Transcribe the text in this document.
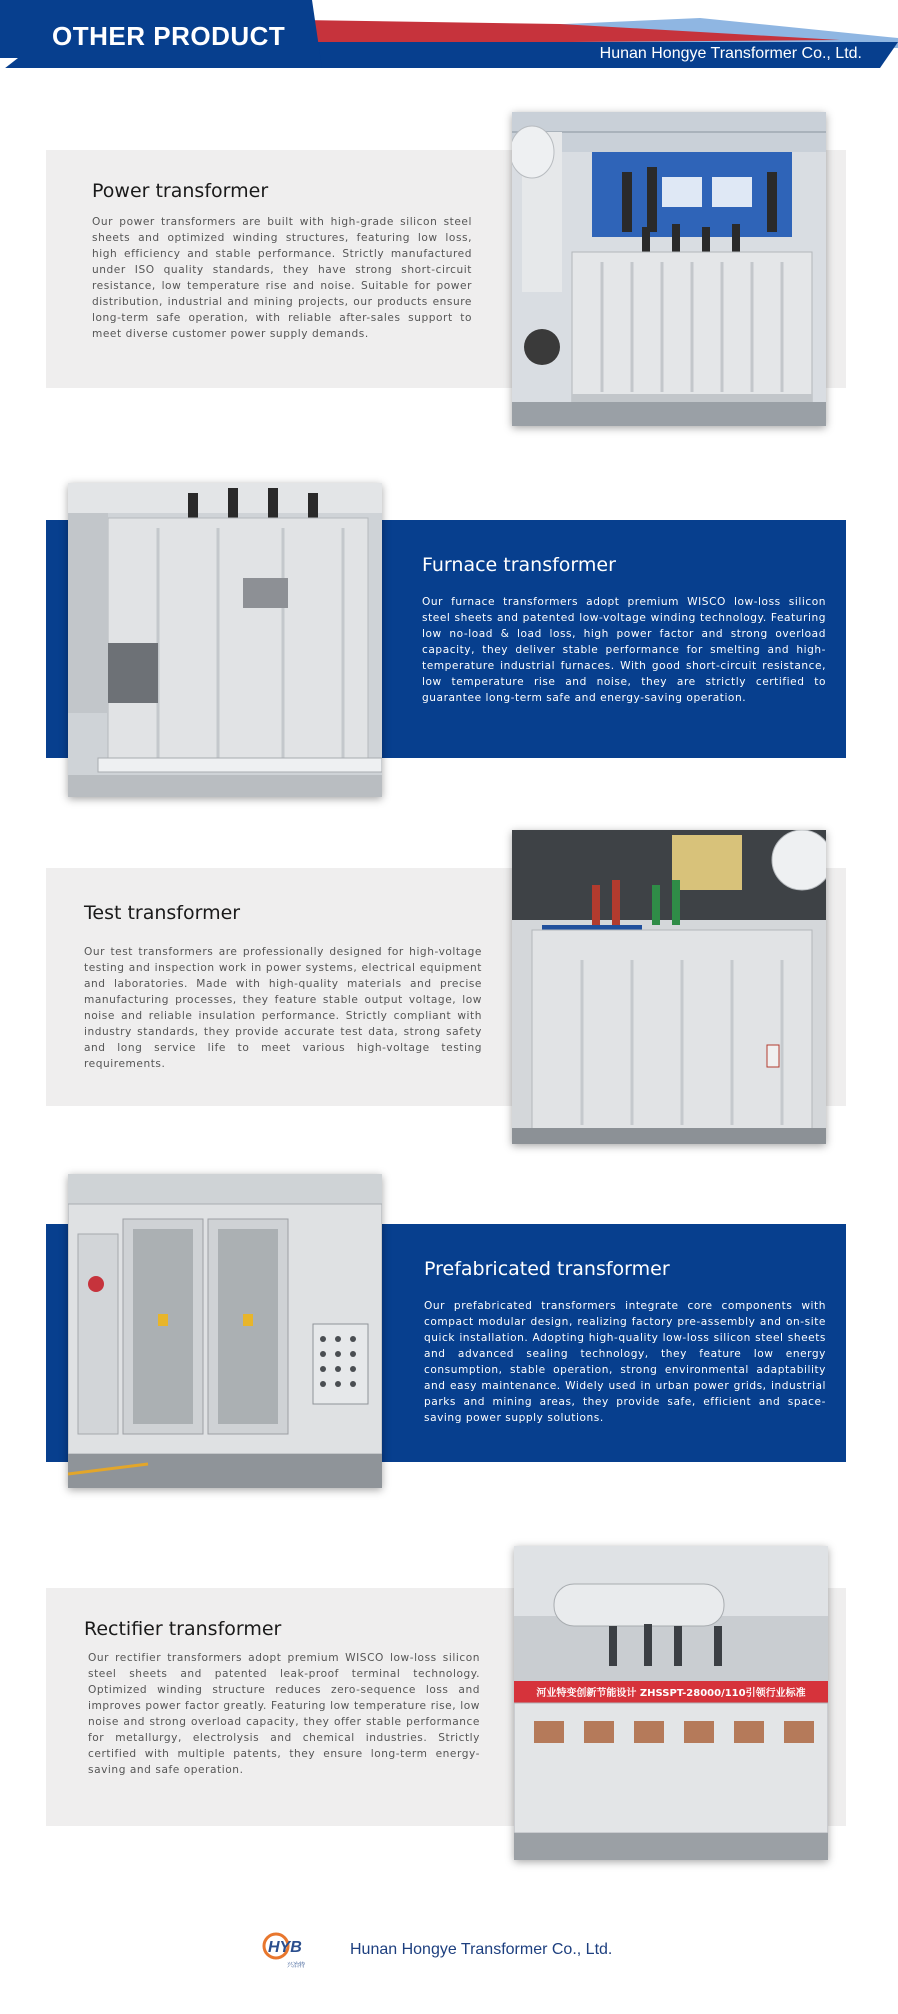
OTHER PRODUCT
Hunan Hongye Transformer Co., Ltd.
Power transformer

Our power transformers are built with high-grade silicon steel sheets and optimized winding structures, featuring low loss, high efficiency and stable performance. Strictly manufactured under ISO quality standards, they have strong short-circuit resistance, low temperature rise and noise. Suitable for power distribution, industrial and mining projects, our products ensure long-term safe operation, with reliable after-sales support to meet diverse customer power supply demands.

Furnace transformer

Our furnace transformers adopt premium WISCO low-loss silicon steel sheets and patented low-voltage winding technology. Featuring low no-load & load loss, high power factor and strong overload capacity, they deliver stable performance for smelting and high-temperature industrial furnaces. With good short-circuit resistance, low temperature rise and noise, they are strictly certified to guarantee long-term safe and energy-saving operation.

Test transformer

Our test transformers are professionally designed for high-voltage testing and inspection work in power systems, electrical equipment and laboratories. Made with high-quality materials and precise manufacturing processes, they feature stable output voltage, low noise and reliable insulation performance. Strictly compliant with industry standards, they provide accurate test data, strong safety and long service life to meet various high-voltage testing requirements.

Prefabricated transformer

Our prefabricated transformers integrate core components with compact modular design, realizing factory pre-assembly and on-site quick installation. Adopting high-quality low-loss silicon steel sheets and advanced sealing technology, they feature low energy consumption, stable operation, strong environmental adaptability and easy maintenance. Widely used in urban power grids, industrial parks and mining areas, they provide safe, efficient and space-saving power supply solutions.

Rectifier transformer

Our rectifier transformers adopt premium WISCO low-loss silicon steel sheets and patented leak-proof terminal technology. Optimized winding structure reduces zero-sequence loss and improves power factor greatly. Featuring low temperature rise, low noise and strong overload capacity, they offer stable performance for metallurgy, electrolysis and chemical industries. Strictly certified with multiple patents, they ensure long-term energy-saving and safe operation.

河业特变创新节能设计 ZHSSPT-28000/110引领行业标准
HYB
兴冶特
Hunan Hongye Transformer Co., Ltd.
